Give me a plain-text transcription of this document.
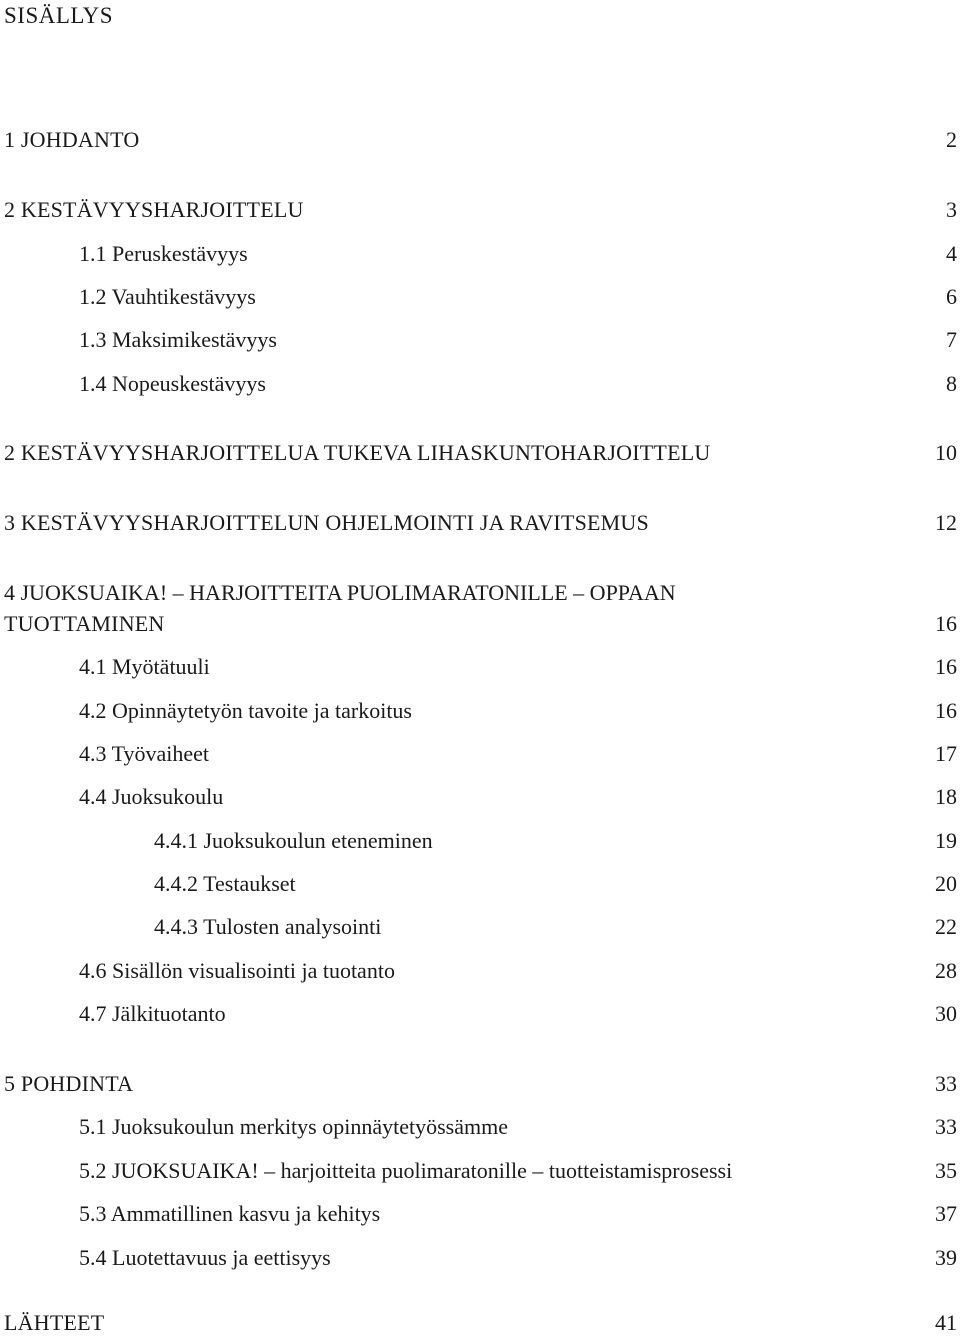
SISÄLLYS
1 JOHDANTO	2
2 KESTÄVYYSHARJOITTELU	3
1.1 Peruskestävyys	4
1.2 Vauhtikestävyys	6
1.3 Maksimikestävyys	7
1.4 Nopeuskestävyys	8
2 KESTÄVYYSHARJOITTELUA TUKEVA LIHASKUNTOHARJOITTELU	10
3 KESTÄVYYSHARJOITTELUN OHJELMOINTI JA RAVITSEMUS	12
4 JUOKSUAIKA! – HARJOITTEITA PUOLIMARATONILLE – OPPAAN
TUOTTAMINEN	16
4.1 Myötätuuli	16
4.2 Opinnäytetyön tavoite ja tarkoitus	16
4.3 Työvaiheet	17
4.4 Juoksukoulu	18
4.4.1 Juoksukoulun eteneminen	19
4.4.2 Testaukset	20
4.4.3 Tulosten analysointi	22
4.6 Sisällön visualisointi ja tuotanto	28
4.7 Jälkituotanto	30
5 POHDINTA	33
5.1 Juoksukoulun merkitys opinnäytetyössämme	33
5.2 JUOKSUAIKA! – harjoitteita puolimaratonille – tuotteistamisprosessi	35
5.3 Ammatillinen kasvu ja kehitys	37
5.4 Luotettavuus ja eettisyys	39
LÄHTEET	41
